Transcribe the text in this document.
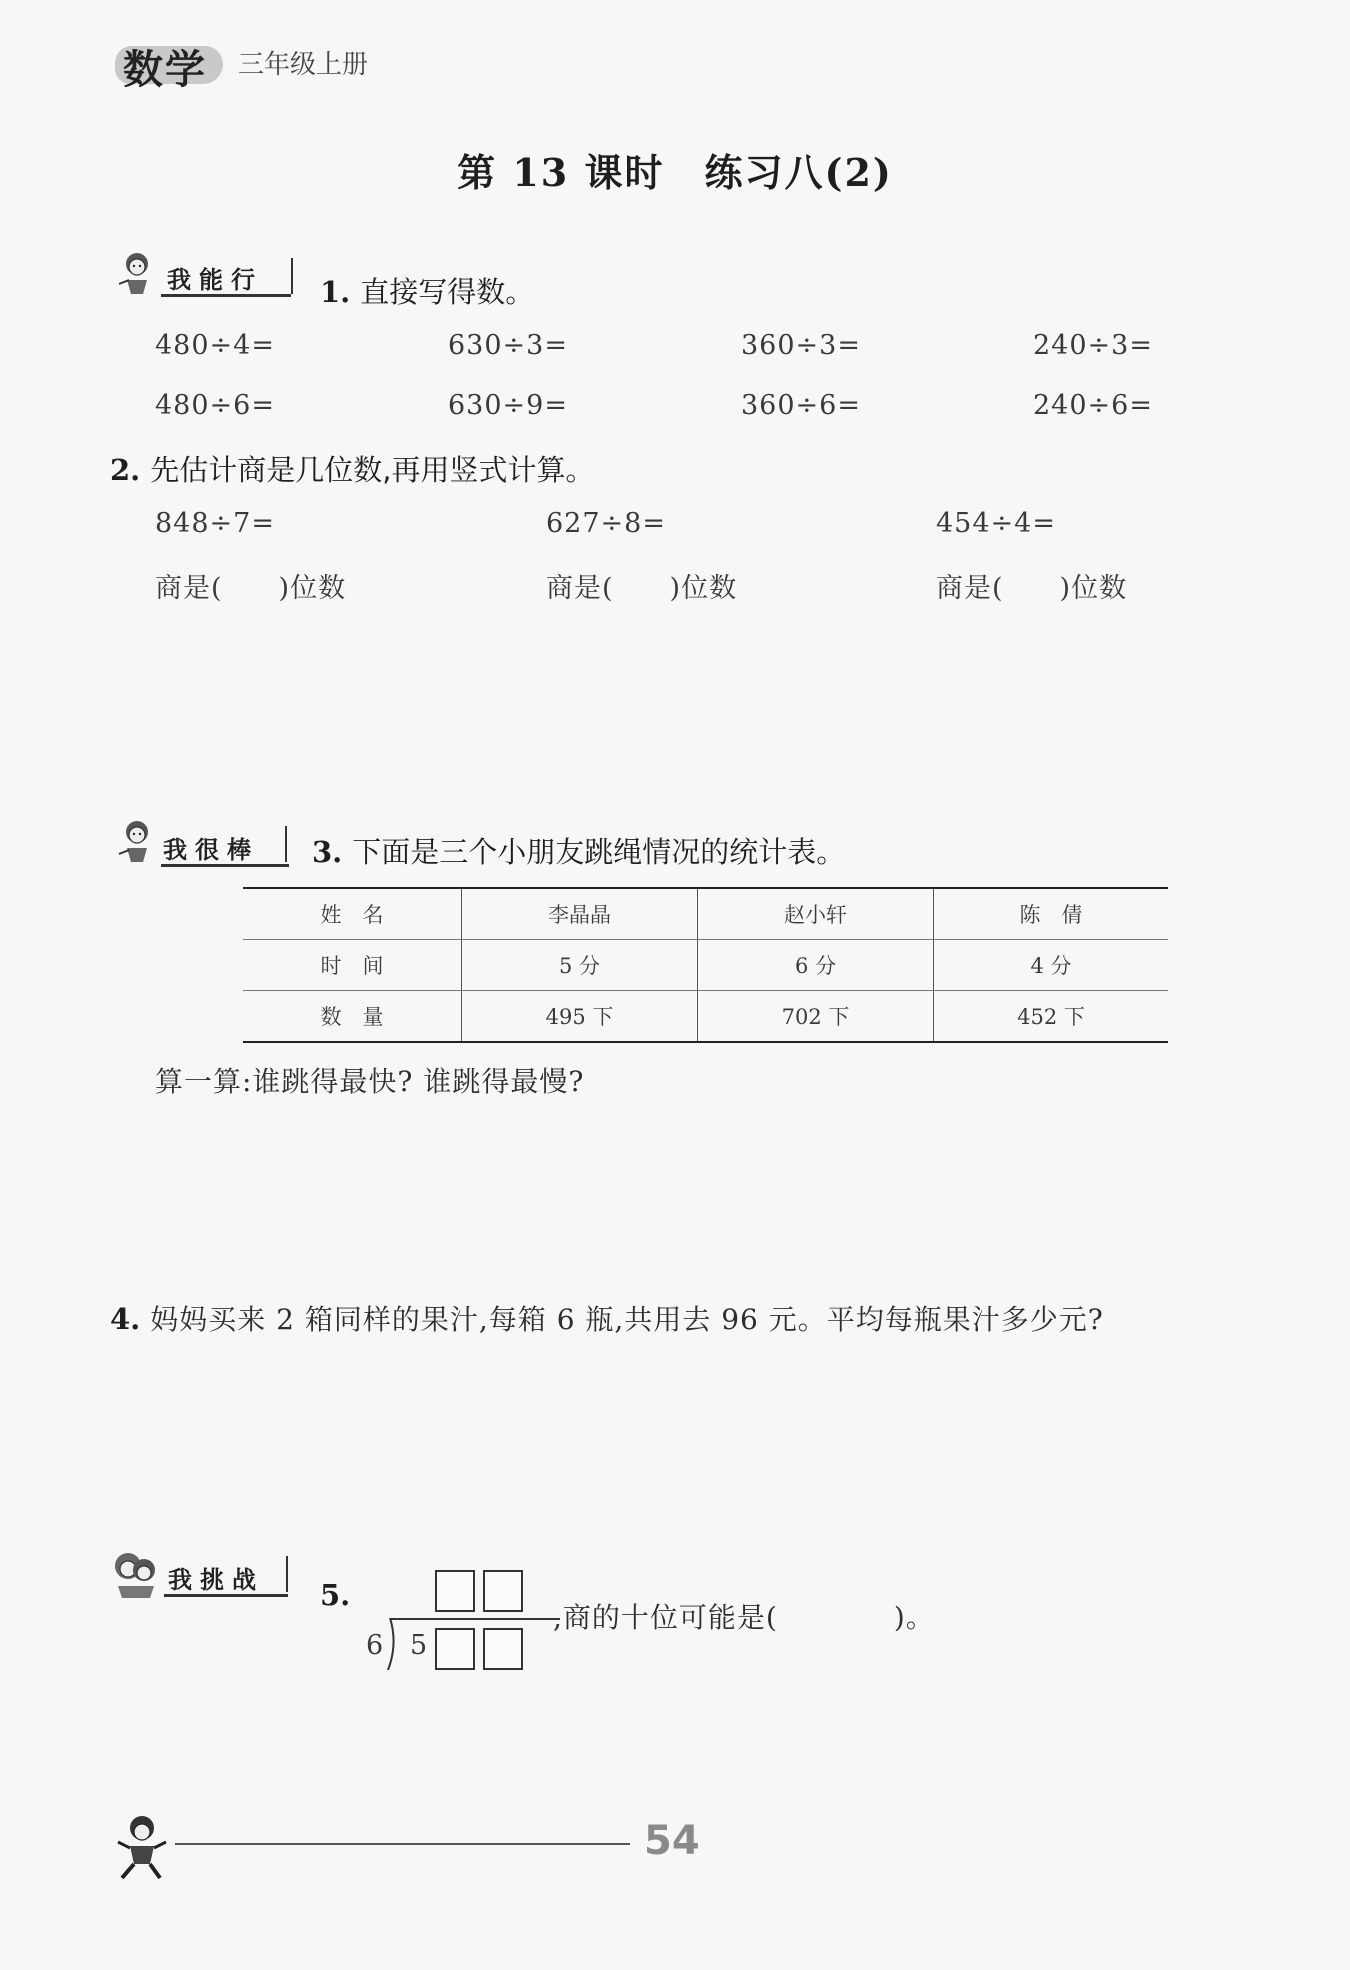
数学 三年级上册
第 13 课时　练习八(2)
我能行 1. 直接写得数。
480÷4=	630÷3=	360÷3=	240÷3=
480÷6=	630÷9=	360÷6=	240÷6=
2. 先估计商是几位数,再用竖式计算。
848÷7=	627÷8=	454÷4=
商是(　　)位数	商是(　　)位数	商是(　　)位数
我很棒 3. 下面是三个小朋友跳绳情况的统计表。
姓　名	李晶晶	赵小轩	陈　倩
时　间	5 分	6 分	4 分
数　量	495 下	702 下	452 下
算一算:谁跳得最快? 谁跳得最慢?
4. 妈妈买来 2 箱同样的果汁,每箱 6 瓶,共用去 96 元。平均每瓶果汁多少元?
我挑战 5.
6 5
,商的十位可能是(　　　　)。
54
